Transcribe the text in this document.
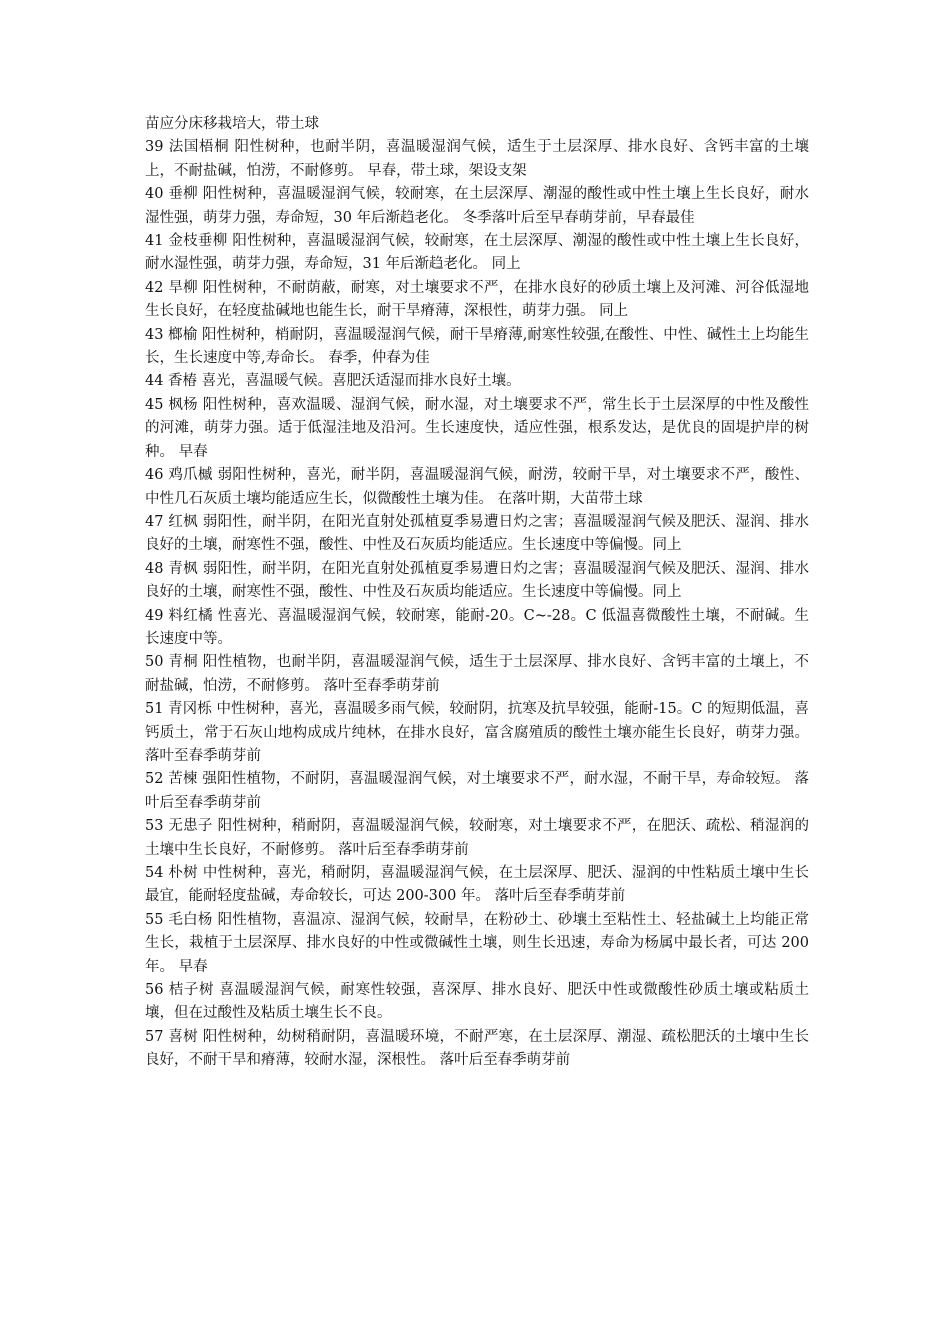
苗应分床移栽培大，带土球

39 法国梧桐 阳性树种，也耐半阴，喜温暖湿润气候，适生于土层深厚、排水良好、含钙丰富的土壤上，不耐盐碱，怕涝，不耐修剪。 早春，带土球，架设支架

40 垂柳 阳性树种，喜温暖湿润气候，较耐寒，在土层深厚、潮湿的酸性或中性土壤上生长良好，耐水湿性强，萌芽力强，寿命短，30 年后渐趋老化。 冬季落叶后至早春萌芽前，早春最佳

41 金枝垂柳 阳性树种，喜温暖湿润气候，较耐寒，在土层深厚、潮湿的酸性或中性土壤上生长良好，耐水湿性强，萌芽力强，寿命短，31 年后渐趋老化。 同上

42 旱柳 阳性树种，不耐荫蔽，耐寒，对土壤要求不严，在排水良好的砂质土壤上及河滩、河谷低湿地生长良好，在轻度盐碱地也能生长，耐干旱瘠薄，深根性，萌芽力强。 同上

43 榔榆 阳性树种，梢耐阴，喜温暖湿润气候，耐干旱瘠薄,耐寒性较强,在酸性、中性、碱性土上均能生长，生长速度中等,寿命长。 春季，仲春为佳

44 香椿 喜光，喜温暖气候。喜肥沃适湿而排水良好土壤。

45 枫杨 阳性树种，喜欢温暖、湿润气候，耐水湿，对土壤要求不严，常生长于土层深厚的中性及酸性的河滩，萌芽力强。适于低湿洼地及沿河。生长速度快，适应性强，根系发达，是优良的固堤护岸的树种。 早春

46 鸡爪槭 弱阳性树种，喜光，耐半阴，喜温暖湿润气候，耐涝，较耐干旱，对土壤要求不严，酸性、中性几石灰质土壤均能适应生长，似微酸性土壤为佳。 在落叶期，大苗带土球

47 红枫 弱阳性，耐半阴，在阳光直射处孤植夏季易遭日灼之害；喜温暖湿润气候及肥沃、湿润、排水良好的土壤，耐寒性不强，酸性、中性及石灰质均能适应。生长速度中等偏慢。同上

48 青枫 弱阳性，耐半阴，在阳光直射处孤植夏季易遭日灼之害；喜温暖湿润气候及肥沃、湿润、排水良好的土壤，耐寒性不强，酸性、中性及石灰质均能适应。生长速度中等偏慢。同上

49 料红橘 性喜光、喜温暖湿润气候，较耐寒，能耐-20。C~-28。C 低温喜微酸性土壤，不耐碱。生长速度中等。

50 青桐 阳性植物，也耐半阴，喜温暖湿润气候，适生于土层深厚、排水良好、含钙丰富的土壤上，不耐盐碱，怕涝，不耐修剪。 落叶至春季萌芽前

51 青冈栎 中性树种，喜光，喜温暖多雨气候，较耐阴，抗寒及抗旱较强，能耐-15。C 的短期低温，喜钙质土，常于石灰山地构成成片纯林，在排水良好，富含腐殖质的酸性土壤亦能生长良好，萌芽力强。 落叶至春季萌芽前

52 苦楝 强阳性植物，不耐阴，喜温暖湿润气候，对土壤要求不严，耐水湿，不耐干旱，寿命较短。 落叶后至春季萌芽前

53 无患子 阳性树种，稍耐阴，喜温暖湿润气候，较耐寒，对土壤要求不严，在肥沃、疏松、稍湿润的土壤中生长良好，不耐修剪。 落叶后至春季萌芽前

54 朴树 中性树种，喜光，稍耐阴，喜温暖湿润气候，在土层深厚、肥沃、湿润的中性粘质土壤中生长最宜，能耐轻度盐碱，寿命较长，可达 200-300 年。 落叶后至春季萌芽前

55 毛白杨 阳性植物，喜温凉、湿润气候，较耐旱，在粉砂土、砂壤土至粘性土、轻盐碱土上均能正常生长，栽植于土层深厚、排水良好的中性或微碱性土壤，则生长迅速，寿命为杨属中最长者，可达 200 年。 早春

56 桔子树 喜温暖湿润气候，耐寒性较强，喜深厚、排水良好、肥沃中性或微酸性砂质土壤或粘质土壤，但在过酸性及粘质土壤生长不良。

57 喜树 阳性树种，幼树稍耐阴，喜温暖环境，不耐严寒，在土层深厚、潮湿、疏松肥沃的土壤中生长良好，不耐干旱和瘠薄，较耐水湿，深根性。 落叶后至春季萌芽前
